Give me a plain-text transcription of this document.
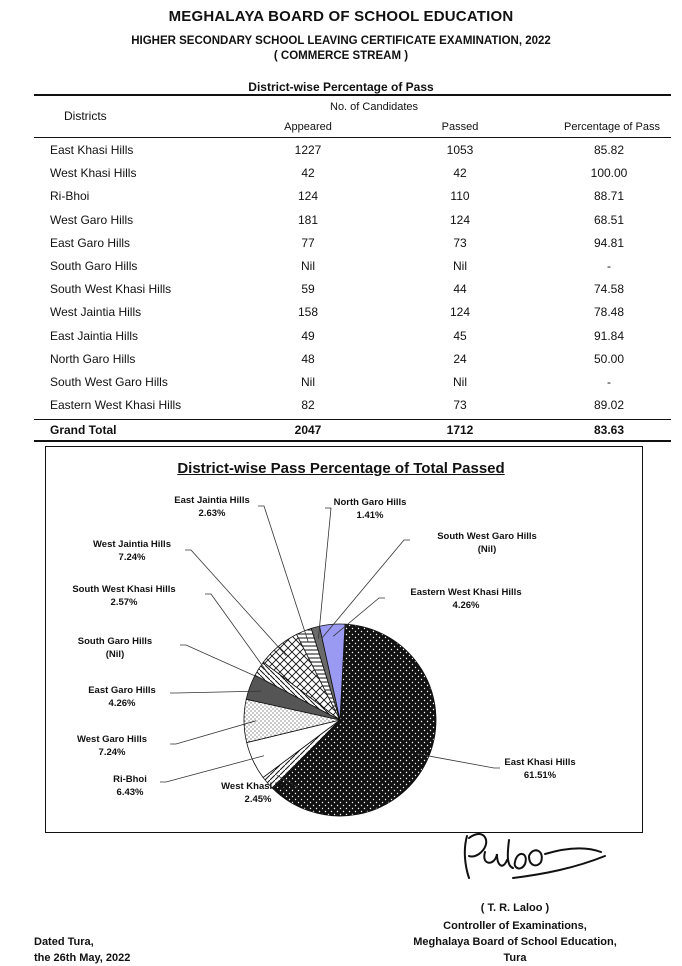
MEGHALAYA BOARD OF SCHOOL EDUCATION
HIGHER SECONDARY SCHOOL LEAVING CERTIFICATE EXAMINATION, 2022
( COMMERCE STREAM )
District-wise Percentage of Pass
Districts
No. of Candidates
Appeared	Passed	Percentage of Pass
East Khasi Hills	1227	1053	85.82
West Khasi Hills	42	42	100.00
Ri-Bhoi	124	110	88.71
West Garo Hills	181	124	68.51
East Garo Hills	77	73	94.81
South Garo Hills	Nil	Nil	-
South West Khasi Hills	59	44	74.58
West Jaintia Hills	158	124	78.48
East Jaintia Hills	49	45	91.84
North Garo Hills	48	24	50.00
South West Garo Hills	Nil	Nil	-
Eastern West Khasi Hills	82	73	89.02
Grand Total	2047	1712	83.63
District-wise Pass Percentage of Total Passed
East Khasi Hills
61.51%
West Khasi Hills
2.45%
Ri-Bhoi
6.43%
West Garo Hills
7.24%
East Garo Hills
4.26%
South Garo Hills
(Nil)
South West Khasi Hills
2.57%
West Jaintia Hills
7.24%
East Jaintia Hills
2.63%
North Garo Hills
1.41%
South West Garo Hills
(Nil)
Eastern West Khasi Hills
4.26%
( T. R. Laloo )
Controller of Examinations,
Meghalaya Board of School Education,
Tura
Dated Tura,
the 26th May, 2022
